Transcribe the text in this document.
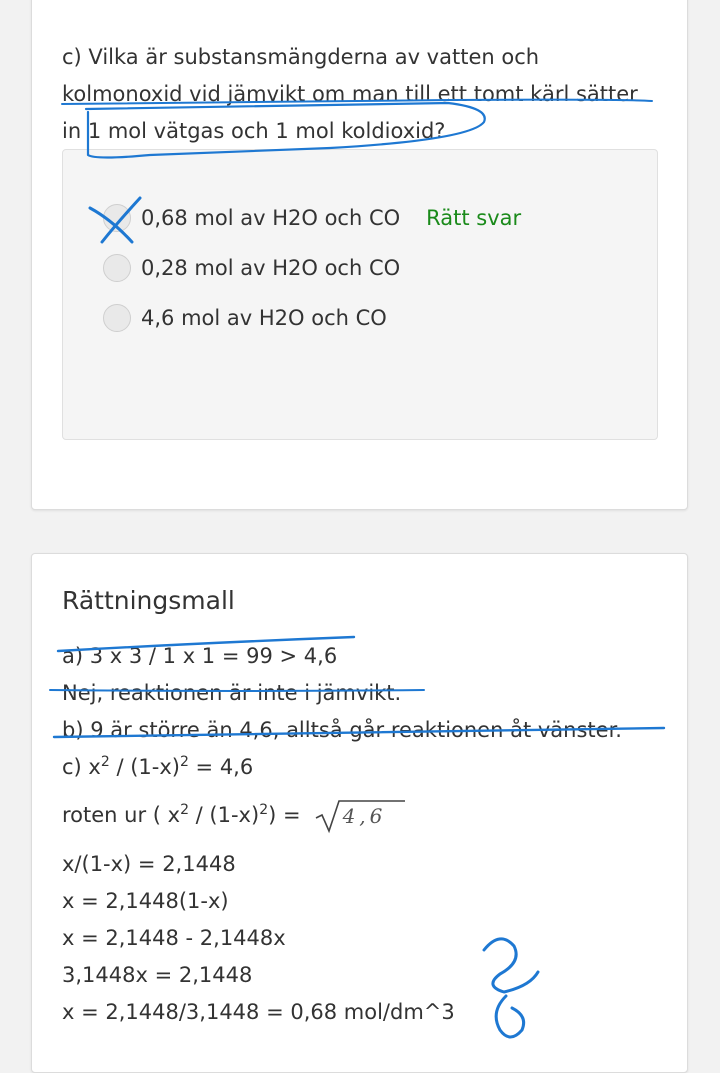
c) Vilka är substansmängderna av vatten och kolmonoxid vid jämvikt om man till ett tomt kärl sätter in 1 mol vätgas och 1 mol koldioxid?

0,68 mol av H2O och CO Rätt svar
0,28 mol av H2O och CO
4,6 mol av H2O och CO
Rättningsmall
a) 3 x 3 / 1 x 1 = 99 > 4,6
Nej, reaktionen är inte i jämvikt.
b) 9 är större än 4,6, alltså går reaktionen åt vänster.
c) $x^2 / (1-x)^2 = 4,6$
roten ur ( $x^2 / (1-x)^2) = 4,6$
x/(1-x) = 2,1448
x = 2,1448(1-x)
x = 2,1448 - 2,1448x
3,1448x = 2,1448
x = 2,1448/3,1448 = 0,68 mol/dm^3
